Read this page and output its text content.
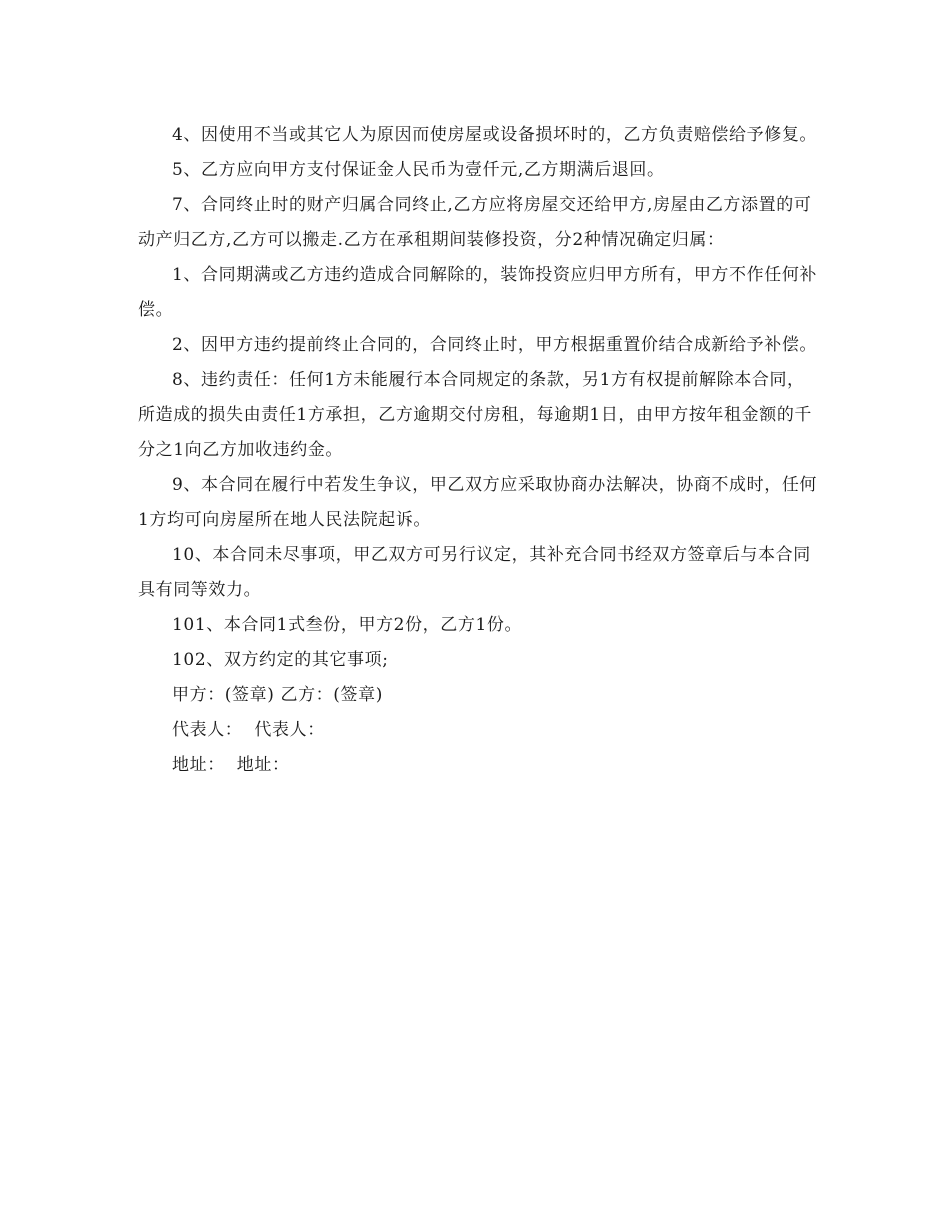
4、因使用不当或其它人为原因而使房屋或设备损坏时的，乙方负责赔偿给予修复。

5、乙方应向甲方支付保证金人民币为壹仟元,乙方期满后退回。

7、合同终止时的财产归属合同终止,乙方应将房屋交还给甲方,房屋由乙方添置的可动产归乙方,乙方可以搬走.乙方在承租期间装修投资，分2种情况确定归属：

1、合同期满或乙方违约造成合同解除的，装饰投资应归甲方所有，甲方不作任何补偿。

2、因甲方违约提前终止合同的，合同终止时，甲方根据重置价结合成新给予补偿。

8、违约责任：任何1方未能履行本合同规定的条款，另1方有权提前解除本合同，所造成的损失由责任1方承担，乙方逾期交付房租，每逾期1日，由甲方按年租金额的千分之1向乙方加收违约金。

9、本合同在履行中若发生争议，甲乙双方应采取协商办法解决，协商不成时，任何1方均可向房屋所在地人民法院起诉。

10、本合同未尽事项，甲乙双方可另行议定，其补充合同书经双方签章后与本合同具有同等效力。

101、本合同1式叁份，甲方2份，乙方1份。

102、双方约定的其它事项;

甲方：(签章) 乙方：(签章)

代表人：  代表人：

地址：  地址：
